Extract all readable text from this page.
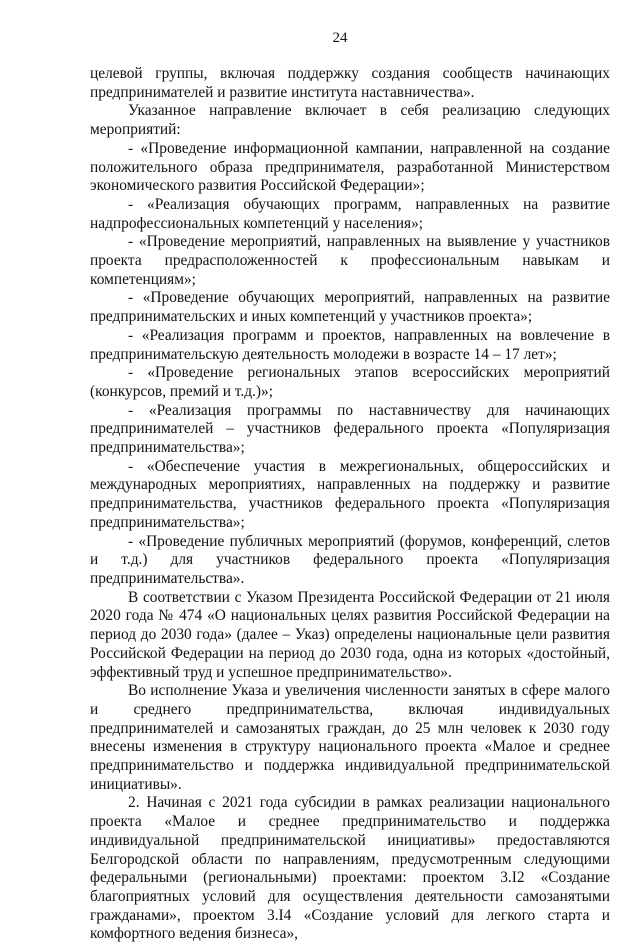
24

целевой группы, включая поддержку создания сообществ начинающих предпринимателей и развитие института наставничества».

Указанное направление включает в себя реализацию следующих мероприятий:

- «Проведение информационной кампании, направленной на создание положительного образа предпринимателя, разработанной Министерством экономического развития Российской Федерации»;

- «Реализация обучающих программ, направленных на развитие надпрофессиональных компетенций у населения»;

- «Проведение мероприятий, направленных на выявление у участников проекта предрасположенностей к профессиональным навыкам и компетенциям»;

- «Проведение обучающих мероприятий, направленных на развитие предпринимательских и иных компетенций у участников проекта»;

- «Реализация программ и проектов, направленных на вовлечение в предпринимательскую деятельность молодежи в возрасте 14 – 17 лет»;

- «Проведение региональных этапов всероссийских мероприятий (конкурсов, премий и т.д.)»;

- «Реализация программы по наставничеству для начинающих предпринимателей – участников федерального проекта «Популяризация предпринимательства»;

- «Обеспечение участия в межрегиональных, общероссийских и международных мероприятиях, направленных на поддержку и развитие предпринимательства, участников федерального проекта «Популяризация предпринимательства»;

- «Проведение публичных мероприятий (форумов, конференций, слетов и т.д.) для участников федерального проекта «Популяризация предпринимательства».

В соответствии с Указом Президента Российской Федерации от 21 июля 2020 года № 474 «О национальных целях развития Российской Федерации на период до 2030 года» (далее – Указ) определены национальные цели развития Российской Федерации на период до 2030 года, одна из которых «достойный, эффективный труд и успешное предпринимательство».

Во исполнение Указа и увеличения численности занятых в сфере малого и среднего предпринимательства, включая индивидуальных предпринимателей и самозанятых граждан, до 25 млн человек к 2030 году внесены изменения в структуру национального проекта «Малое и среднее предпринимательство и поддержка индивидуальной предпринимательской инициативы».

2. Начиная с 2021 года субсидии в рамках реализации национального проекта «Малое и среднее предпринимательство и поддержка индивидуальной предпринимательской инициативы» предоставляются Белгородской области по направлениям, предусмотренным следующими федеральными (региональными) проектами: проектом 3.I2 «Создание благоприятных условий для осуществления деятельности самозанятыми гражданами», проектом 3.I4 «Создание условий для легкого старта и комфортного ведения бизнеса»,
